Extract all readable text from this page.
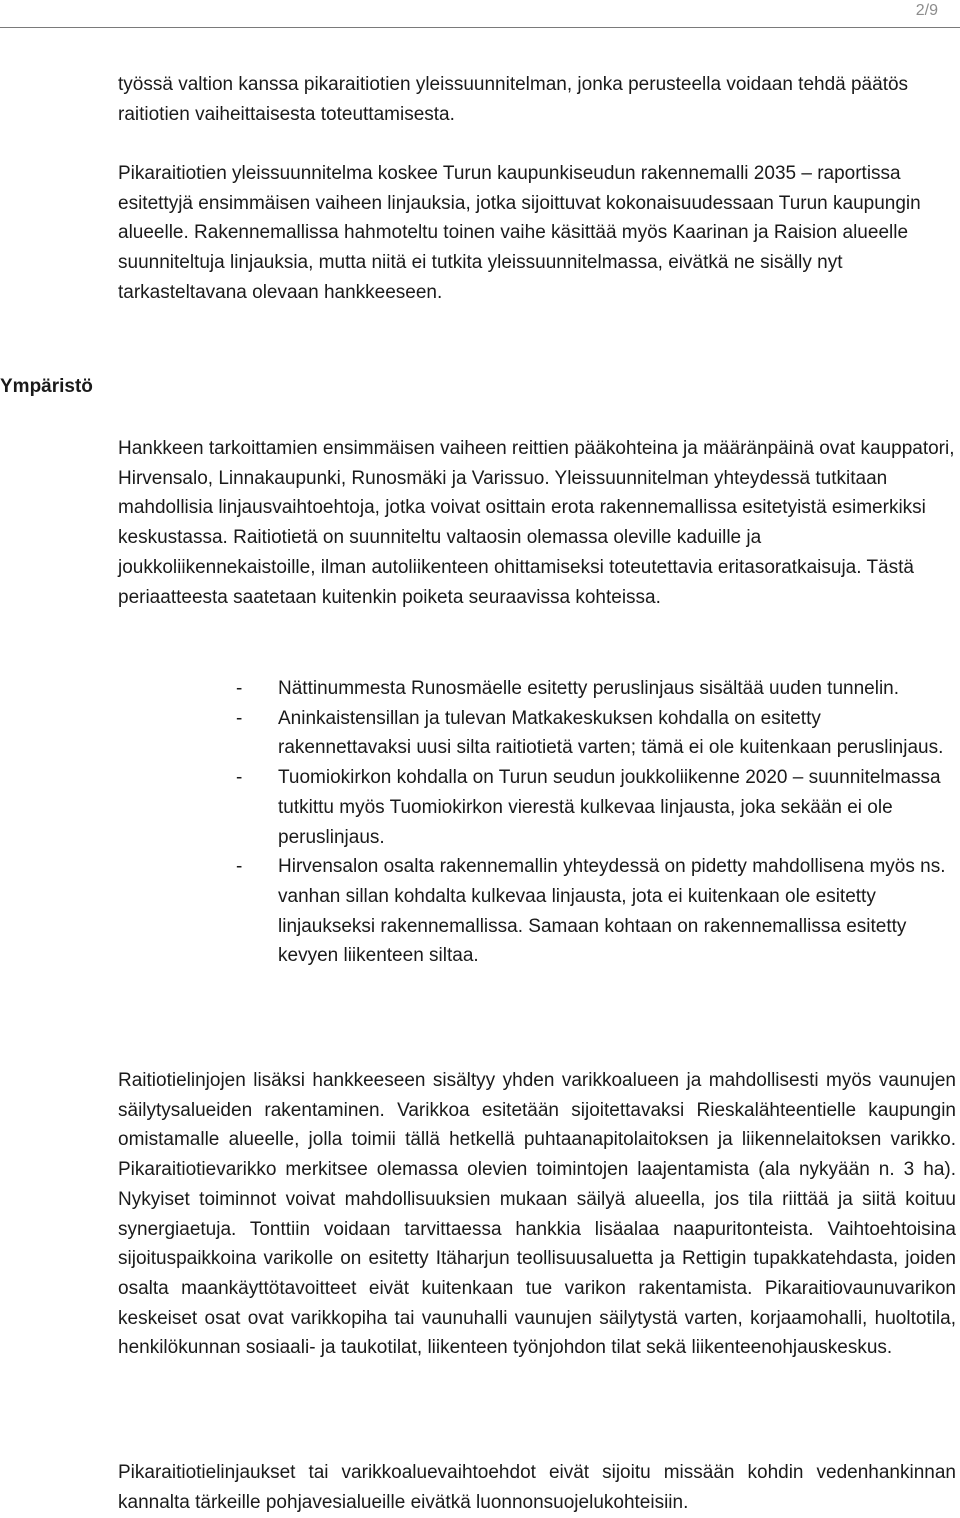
2/9

työssä valtion kanssa pikaraitiotien yleissuunnitelman, jonka perusteella voidaan tehdä päätös raitiotien vaiheittaisesta toteuttamisesta.

Pikaraitiotien yleissuunnitelma koskee Turun kaupunkiseudun rakennemalli 2035 – raportissa esitettyjä ensimmäisen vaiheen linjauksia, jotka sijoittuvat kokonaisuudessaan Turun kaupungin alueelle. Rakennemallissa hahmoteltu toinen vaihe käsittää myös Kaarinan ja Raision alueelle suunniteltuja linjauksia, mutta niitä ei tutkita yleissuunnitelmassa, eivätkä ne sisälly nyt tarkasteltavana olevaan hankkeeseen.

Ympäristö

Hankkeen tarkoittamien ensimmäisen vaiheen reittien pääkohteina ja määränpäinä ovat kauppatori, Hirvensalo, Linnakaupunki, Runosmäki ja Varissuo. Yleissuunnitelman yhteydessä tutkitaan mahdollisia linjausvaihtoehtoja, jotka voivat osittain erota rakennemallissa esitetyistä esimerkiksi keskustassa. Raitiotietä on suunniteltu valtaosin olemassa oleville kaduille ja joukkoliikennekaistoille, ilman autoliikenteen ohittamiseksi toteutettavia eritasoratkaisuja. Tästä periaatteesta saatetaan kuitenkin poiketa seuraavissa kohteissa.

- Nättinummesta Runosmäelle esitetty peruslinjaus sisältää uuden tunnelin.
- Aninkaistensillan ja tulevan Matkakeskuksen kohdalla on esitetty rakennettavaksi uusi silta raitiotietä varten; tämä ei ole kuitenkaan peruslinjaus.
- Tuomiokirkon kohdalla on Turun seudun joukkoliikenne 2020 – suunnitelmassa tutkittu myös Tuomiokirkon vierestä kulkevaa linjausta, joka sekään ei ole peruslinjaus.
- Hirvensalon osalta rakennemallin yhteydessä on pidetty mahdollisena myös ns. vanhan sillan kohdalta kulkevaa linjausta, jota ei kuitenkaan ole esitetty linjaukseksi rakennemallissa. Samaan kohtaan on rakennemallissa esitetty kevyen liikenteen siltaa.

Raitiotielinjojen lisäksi hankkeeseen sisältyy yhden varikkoalueen ja mahdollisesti myös vaunujen säilytysalueiden rakentaminen. Varikkoa esitetään sijoitettavaksi Rieskalähteentielle kaupungin omistamalle alueelle, jolla toimii tällä hetkellä puhtaanapitolaitoksen ja liikennelaitoksen varikko. Pikaraitiotievarikko merkitsee olemassa olevien toimintojen laajentamista (ala nykyään n. 3 ha). Nykyiset toiminnot voivat mahdollisuuksien mukaan säilyä alueella, jos tila riittää ja siitä koituu synergiaetuja. Tonttiin voidaan tarvittaessa hankkia lisäalaa naapuritonteista. Vaihtoehtoisina sijoituspaikkoina varikolle on esitetty Itäharjun teollisuusaluetta ja Rettigin tupakkatehdasta, joiden osalta maankäyttötavoitteet eivät kuitenkaan tue varikon rakentamista. Pikaraitiovaunuvarikon keskeiset osat ovat varikkopiha tai vaunuhalli vaunujen säilytystä varten, korjaamohalli, huoltotila, henkilökunnan sosiaali- ja taukotilat, liikenteen työnjohdon tilat sekä liikenteenohjauskeskus.

Pikaraitiotielinjaukset tai varikkoaluevaihtoehdot eivät sijoitu missään kohdin vedenhankinnan kannalta tärkeille pohjavesialueille eivätkä luonnonsuojelukohteisiin.
